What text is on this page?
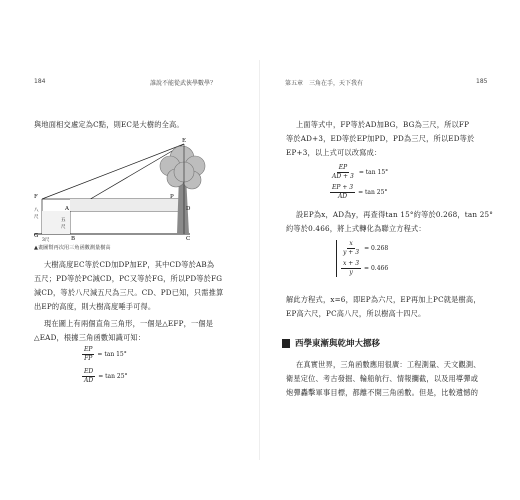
184	誰說不能從武俠學數學？
與地面相交處定為C點，則EC是大樹的全高。
E
F
G
P
A
B
D
C
八
尺
五
尺
3尺
▲畫圖幫再次用三角函數測量樹高
大樹高度EC等於CD加DP加EP，其中CD等於AB為
五尺；PD等於PC減CD，PC又等於FG，所以PD等於FG
減CD，等於八尺減五尺為三尺。CD、PD已知，只需推算
出EP的高度，則大樹高度唾手可得。
現在圖上有兩個直角三角形，一個是△EFP，一個是
△EAD，根據三角函數知識可知：
$\frac{EP}{FP} = \tan 15^\circ$
$\frac{ED}{AD} = \tan 25^\circ$
第五章　三角在手，天下我有	185
上面等式中，FP等於AD加BG，BG為三尺，所以FP
等於AD+3，ED等於EP加PD，PD為三尺，所以ED等於
EP+3，以上式可以改寫成：
$\frac{EP}{AD + 3} = \tan 15^\circ$
$\frac{EP + 3}{AD} = \tan 25^\circ$
設EP為x，AD為y，再查得tan 15°約等於0.268，tan 25°
約等於0.466，將上式轉化為聯立方程式：
$\frac{x}{y + 3} = 0.268$
$\frac{x + 3}{y} = 0.466$
解此方程式，x=6，即EP為六尺，EP再加上PC就是樹高，
EP高六尺，PC高八尺，所以樹高十四尺。
西學東漸與乾坤大挪移
在真實世界，三角函數應用很廣：工程測量、天文觀測、
衛星定位、考古發掘、輪船航行、情報攔截，以及用導彈或
炮彈轟擊軍事目標，都離不開三角函數。但是，比較遺憾的
